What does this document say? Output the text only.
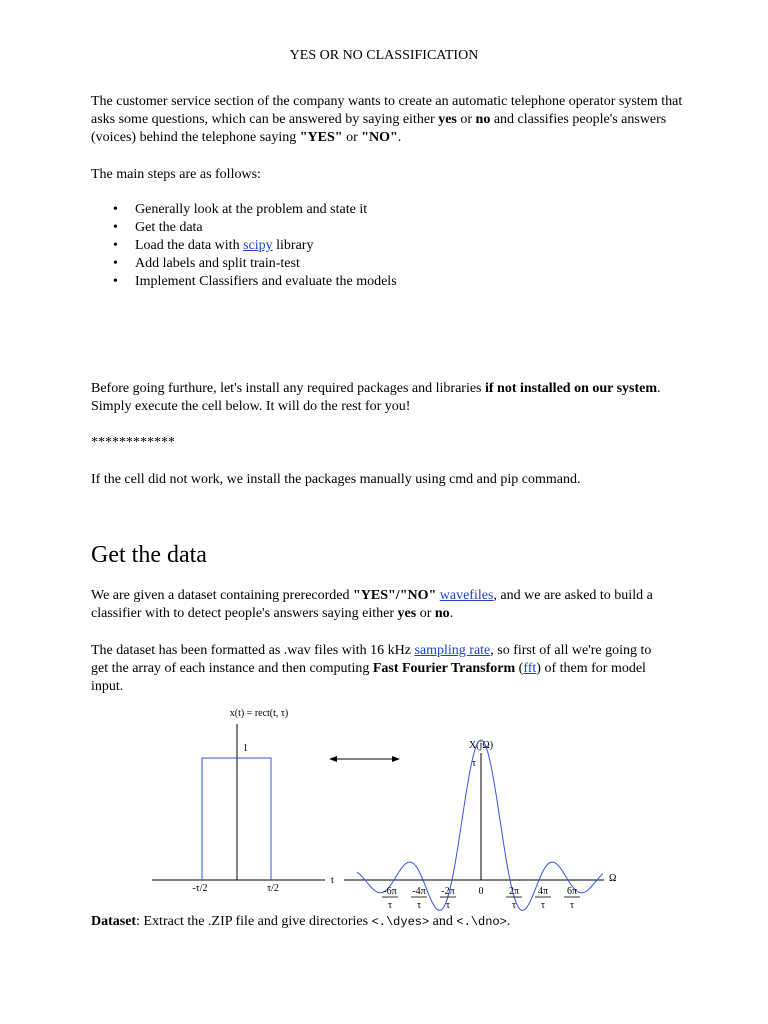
YES OR NO CLASSIFICATION
The customer service section of the company wants to create an automatic telephone operator system that asks some questions, which can be answered by saying either yes or no and classifies people's answers (voices) behind the telephone saying "YES" or "NO".
The main steps are as follows:
• Generally look at the problem and state it
• Get the data
• Load the data with scipy library
• Add labels and split train-test
• Implement Classifiers and evaluate the models
Before going furthure, let's install any required packages and libraries if not installed on our system. Simply execute the cell below. It will do the rest for you!
************
If the cell did not work, we install the packages manually using cmd and pip command.
Get the data
We are given a dataset containing prerecorded "YES"/"NO" wavefiles, and we are asked to build a classifier with to detect people's answers saying either yes or no.
The dataset has been formatted as .wav files with 16 kHz sampling rate, so first of all we're going to get the array of each instance and then computing Fast Fourier Transform (fft) of them for model input.
x(t) = rect(t, τ)
1
-τ/2	τ/2
t
X(jΩ)
τ
Ω
0
-6π
τ
-4π
τ
-2π
τ
2π
τ
4π
τ
6π
τ
Dataset: Extract the .ZIP file and give directories <.\dyes> and <.\dno>.
